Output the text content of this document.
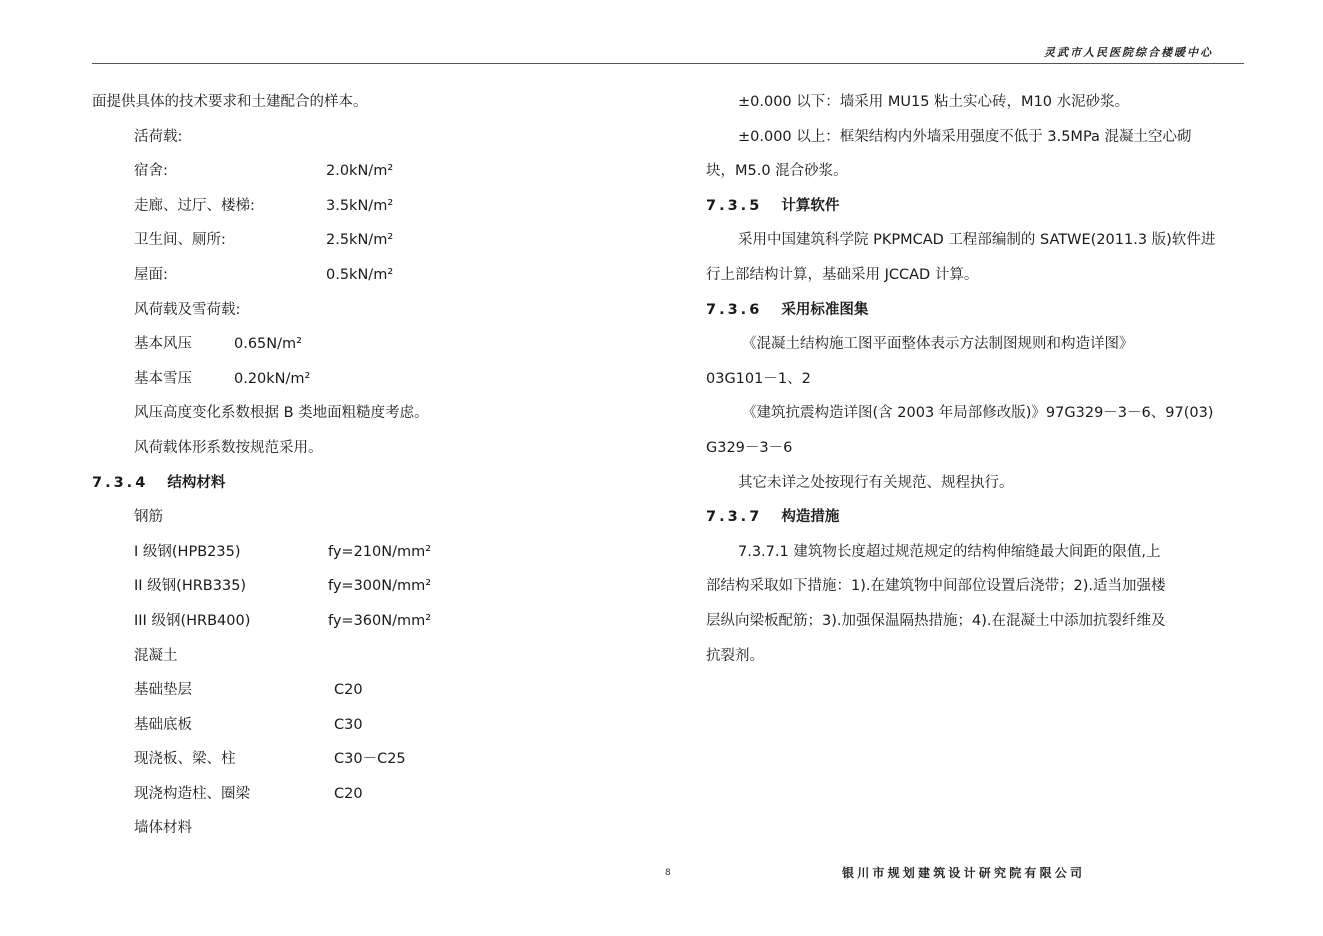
灵武市人民医院综合楼暖中心
面提供具体的技术要求和土建配合的样本。
活荷载:
宿舍:	2.0kN/m²
走廊、过厅、楼梯:	3.5kN/m²
卫生间、厕所:	2.5kN/m²
屋面:	0.5kN/m²
风荷载及雪荷载:
基本风压	0.65N/m²
基本雪压	0.20kN/m²
风压高度变化系数根据 B 类地面粗糙度考虑。
风荷载体形系数按规范采用。
7.3.4 结构材料
钢筋
I 级钢(HPB235)	fy=210N/mm²
II 级钢(HRB335)	fy=300N/mm²
III 级钢(HRB400)	fy=360N/mm²
混凝土
基础垫层	C20
基础底板	C30
现浇板、梁、柱	C30－C25
现浇构造柱、圈梁	C20
墙体材料
±0.000 以下：墙采用 MU15 粘土实心砖，M10 水泥砂浆。
±0.000 以上：框架结构内外墙采用强度不低于 3.5MPa 混凝土空心砌
块，M5.0 混合砂浆。
7.3.5 计算软件
采用中国建筑科学院 PKPMCAD 工程部编制的 SATWE(2011.3 版)软件进
行上部结构计算，基础采用 JCCAD 计算。
7.3.6 采用标准图集
《混凝土结构施工图平面整体表示方法制图规则和构造详图》
03G101－1、2
《建筑抗震构造详图(含 2003 年局部修改版)》97G329－3－6、97(03)
G329－3－6
其它未详之处按现行有关规范、规程执行。
7.3.7 构造措施
7.3.7.1 建筑物长度超过规范规定的结构伸缩缝最大间距的限值,上
部结构采取如下措施：1).在建筑物中间部位设置后浇带；2).适当加强楼
层纵向梁板配筋；3).加强保温隔热措施；4).在混凝土中添加抗裂纤维及
抗裂剂。
8	银川市规划建筑设计研究院有限公司
